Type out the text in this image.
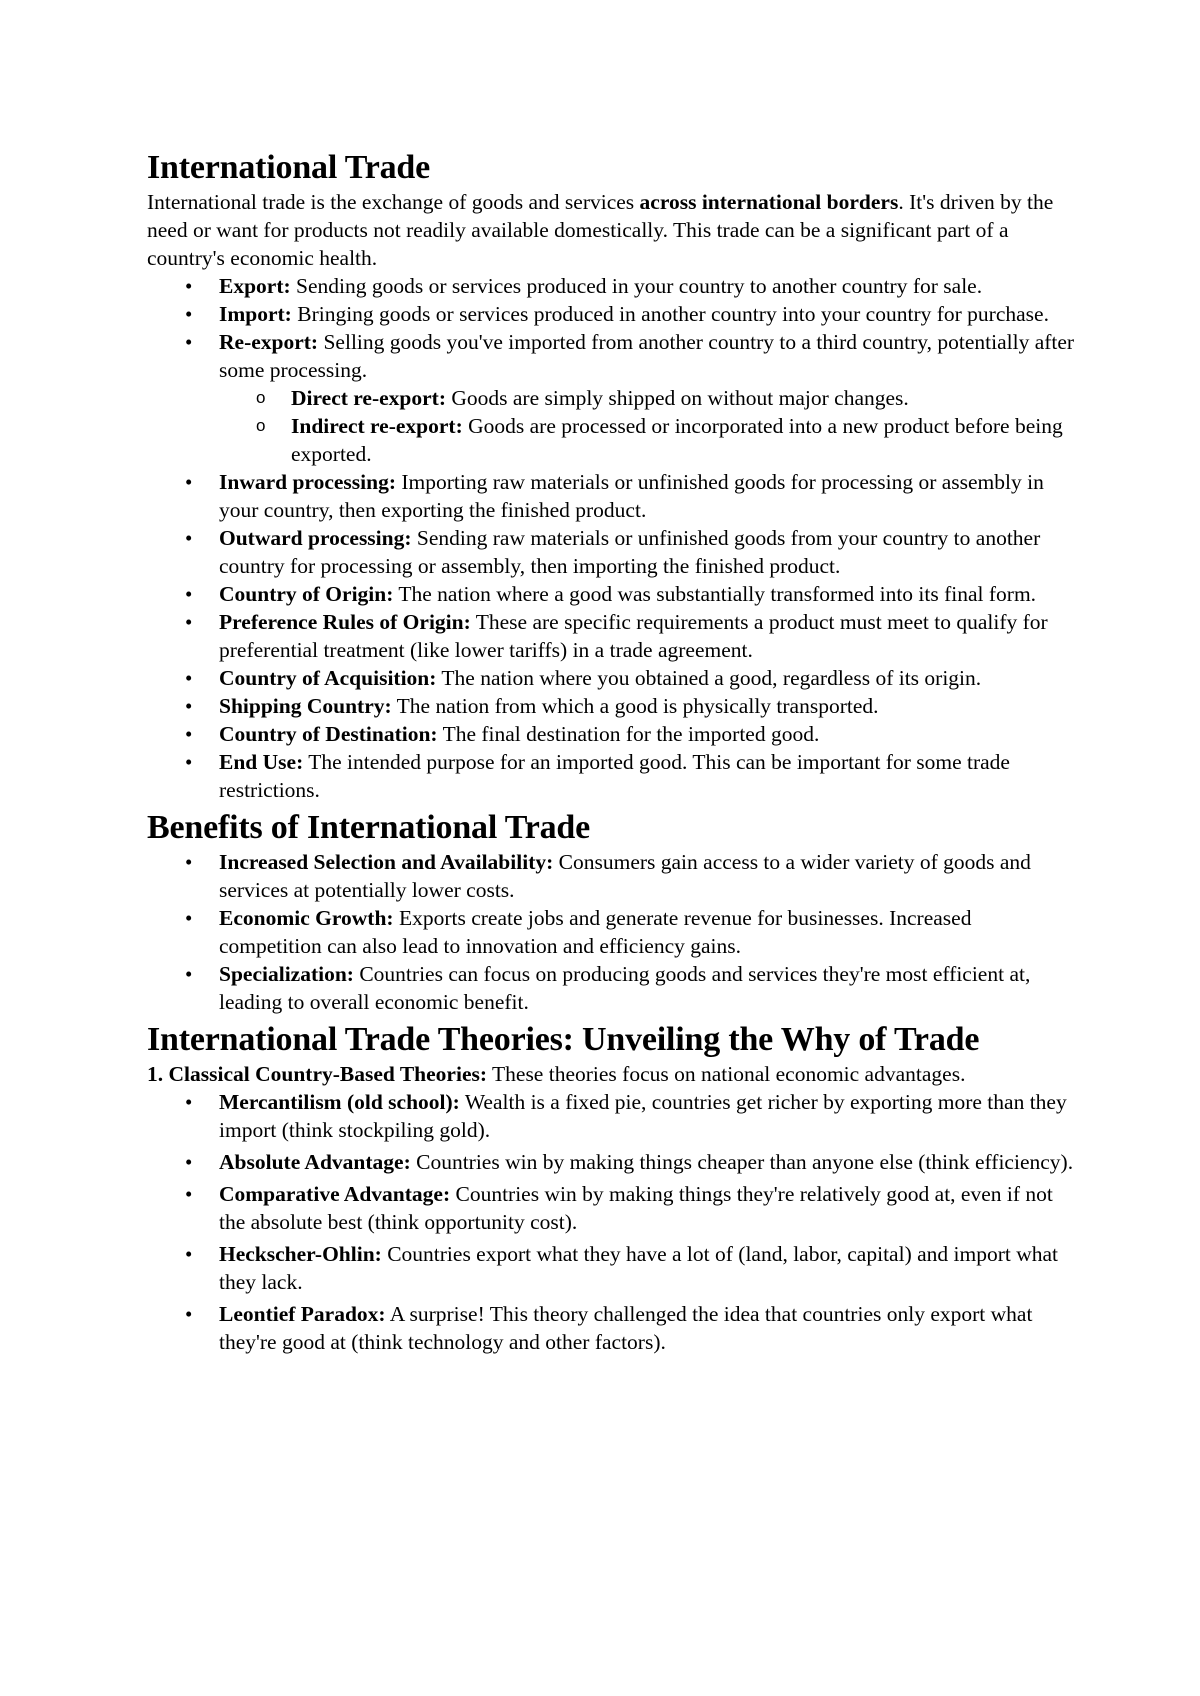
International Trade

International trade is the exchange of goods and services across international borders. It's driven by the need or want for products not readily available domestically. This trade can be a significant part of a country's economic health.

• Export: Sending goods or services produced in your country to another country for sale.
• Import: Bringing goods or services produced in another country into your country for purchase.
• Re-export: Selling goods you've imported from another country to a third country, potentially after some processing.
o Direct re-export: Goods are simply shipped on without major changes.
o Indirect re-export: Goods are processed or incorporated into a new product before being exported.
• Inward processing: Importing raw materials or unfinished goods for processing or assembly in your country, then exporting the finished product.
• Outward processing: Sending raw materials or unfinished goods from your country to another country for processing or assembly, then importing the finished product.
• Country of Origin: The nation where a good was substantially transformed into its final form.
• Preference Rules of Origin: These are specific requirements a product must meet to qualify for preferential treatment (like lower tariffs) in a trade agreement.
• Country of Acquisition: The nation where you obtained a good, regardless of its origin.
• Shipping Country: The nation from which a good is physically transported.
• Country of Destination: The final destination for the imported good.
• End Use: The intended purpose for an imported good. This can be important for some trade restrictions.
Benefits of International Trade
• Increased Selection and Availability: Consumers gain access to a wider variety of goods and services at potentially lower costs.
• Economic Growth: Exports create jobs and generate revenue for businesses. Increased competition can also lead to innovation and efficiency gains.
• Specialization: Countries can focus on producing goods and services they're most efficient at, leading to overall economic benefit.
International Trade Theories: Unveiling the Why of Trade

1. Classical Country-Based Theories: These theories focus on national economic advantages.

• Mercantilism (old school): Wealth is a fixed pie, countries get richer by exporting more than they import (think stockpiling gold).
• Absolute Advantage: Countries win by making things cheaper than anyone else (think efficiency).
• Comparative Advantage: Countries win by making things they're relatively good at, even if not the absolute best (think opportunity cost).
• Heckscher-Ohlin: Countries export what they have a lot of (land, labor, capital) and import what they lack.
• Leontief Paradox: A surprise! This theory challenged the idea that countries only export what they're good at (think technology and other factors).
